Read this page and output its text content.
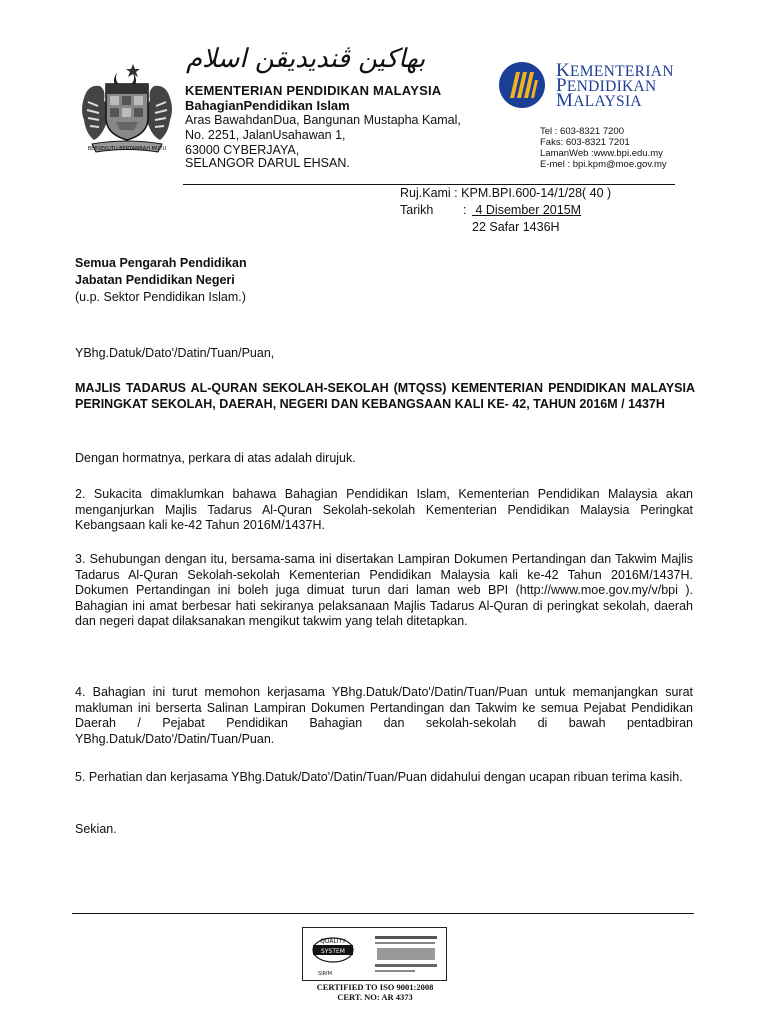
BERSEKUTU BERTAMBAH MUTU
بهاكين ڤنديديقن اسلام
KEMENTERIAN PENDIDIKAN MALAYSIA
BahagianPendidikan Islam
Aras BawahdanDua, Bangunan Mustapha Kamal,
No. 2251, JalanUsahawan 1,
63000 CYBERJAYA,
SELANGOR DARUL EHSAN.
KEMENTERIAN
PENDIDIKAN
MALAYSIA
Tel : 603-8321 7200
Faks: 603-8321 7201
LamanWeb :www.bpi.edu.my
E-mel : bpi.kpm@moe.gov.my
Ruj.Kami : KPM.BPI.600-14/1/28( 40 )
Tarikh : 4 Disember 2015M
22 Safar 1436H
Semua Pengarah Pendidikan
Jabatan Pendidikan Negeri
(u.p. Sektor Pendidikan Islam.)
YBhg.Datuk/Dato'/Datin/Tuan/Puan,
MAJLIS TADARUS AL-QURAN SEKOLAH-SEKOLAH (MTQSS) KEMENTERIAN PENDIDIKAN MALAYSIA PERINGKAT SEKOLAH, DAERAH, NEGERI DAN KEBANGSAAN KALI KE- 42, TAHUN 2016M / 1437H
Dengan hormatnya, perkara di atas adalah dirujuk.
2. Sukacita dimaklumkan bahawa Bahagian Pendidikan Islam, Kementerian Pendidikan Malaysia akan menganjurkan Majlis Tadarus Al-Quran Sekolah-sekolah Kementerian Pendidikan Malaysia Peringkat Kebangsaan kali ke-42 Tahun 2016M/1437H.
3. Sehubungan dengan itu, bersama-sama ini disertakan Lampiran Dokumen Pertandingan dan Takwim Majlis Tadarus Al-Quran Sekolah-sekolah Kementerian Pendidikan Malaysia kali ke-42 Tahun 2016M/1437H. Dokumen Pertandingan ini boleh juga dimuat turun dari laman web BPI (http://www.moe.gov.my/v/bpi ). Bahagian ini amat berbesar hati sekiranya pelaksanaan Majlis Tadarus Al-Quran di peringkat sekolah, daerah dan negeri dapat dilaksanakan mengikut takwim yang telah ditetapkan.
4. Bahagian ini turut memohon kerjasama YBhg.Datuk/Dato'/Datin/Tuan/Puan untuk memanjangkan surat makluman ini berserta Salinan Lampiran Dokumen Pertandingan dan Takwim ke semua Pejabat Pendidikan Daerah / Pejabat Pendidikan Bahagian dan sekolah-sekolah di bawah pentadbiran YBhg.Datuk/Dato'/Datin/Tuan/Puan.
5. Perhatian dan kerjasama YBhg.Datuk/Dato'/Datin/Tuan/Puan didahului dengan ucapan ribuan terima kasih.
Sekian.
QUALITY
SYSTEM
SIRIM
CERTIFIED TO ISO 9001:2008
CERT. NO: AR 4373
